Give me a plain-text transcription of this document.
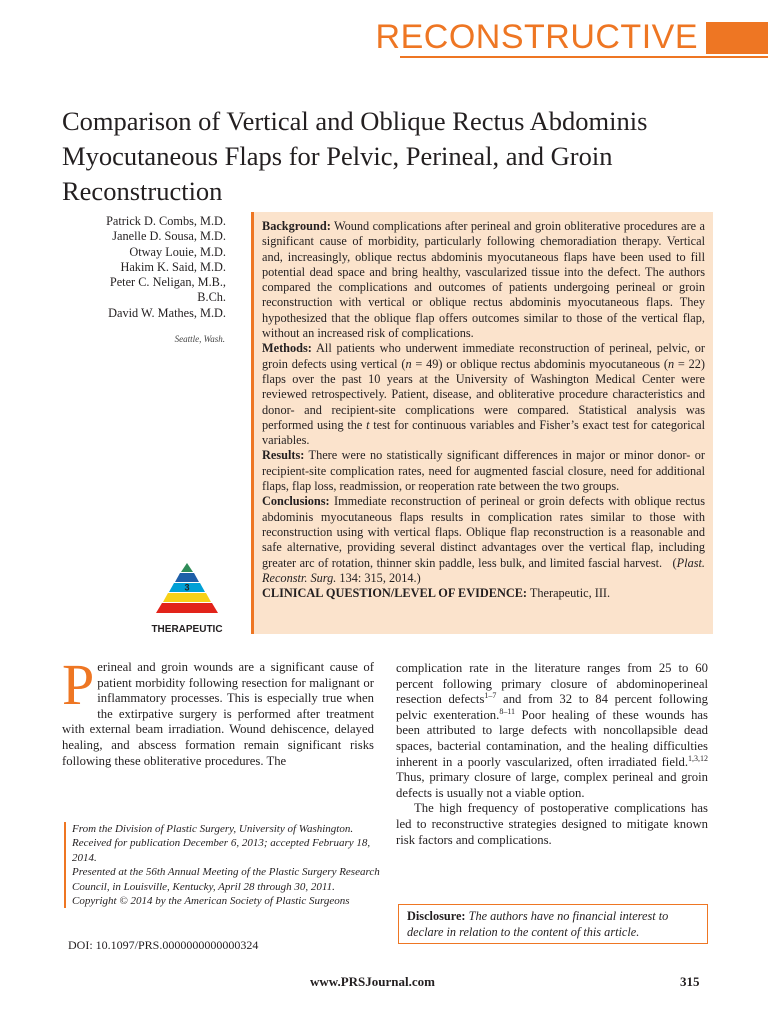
RECONSTRUCTIVE
Comparison of Vertical and Oblique Rectus Abdominis Myocutaneous Flaps for Pelvic, Perineal, and Groin Reconstruction
Patrick D. Combs, M.D.
Janelle D. Sousa, M.D.
Otway Louie, M.D.
Hakim K. Said, M.D.
Peter C. Neligan, M.B.,
B.Ch.
David W. Mathes, M.D.
Seattle, Wash.

Background: Wound complications after perineal and groin obliterative procedures are a significant cause of morbidity, particularly following chemoradiation therapy. Vertical and, increasingly, oblique rectus abdominis myocutaneous flaps have been used to fill potential dead space and bring healthy, vascularized tissue into the defect. The authors compared the complications and outcomes of patients undergoing perineal or groin reconstruction with vertical or oblique rectus abdominis myocutaneous flaps. They hypothesized that the oblique flap offers outcomes similar to those of the vertical flap, without an increased risk of complications.

Methods: All patients who underwent immediate reconstruction of perineal, pelvic, or groin defects using vertical (n = 49) or oblique rectus abdominis myocutaneous (n = 22) flaps over the past 10 years at the University of Washington Medical Center were reviewed retrospectively. Patient, disease, and obliterative procedure characteristics and donor- and recipient-site complications were compared. Statistical analysis was performed using the t test for continuous variables and Fisher’s exact test for categorical variables.

Results: There were no statistically significant differences in major or minor donor- or recipient-site complication rates, need for augmented fascial closure, need for additional flaps, flap loss, readmission, or reoperation rate between the two groups.

Conclusions: Immediate reconstruction of perineal or groin defects with oblique rectus abdominis myocutaneous flaps results in complication rates similar to those with reconstruction using with vertical flaps. Oblique flap reconstruction is a reasonable and safe alternative, providing several distinct advantages over the vertical flap, including greater arc of rotation, thinner skin paddle, less bulk, and limited fascial harvest.   (Plast. Reconstr. Surg. 134: 315, 2014.)

CLINICAL QUESTION/LEVEL OF EVIDENCE: Therapeutic, III.

3
THERAPEUTIC

Perineal and groin wounds are a significant cause of patient morbidity following resection for malignant or inflammatory processes. This is especially true when the extirpative surgery is performed after treatment with external beam irradiation. Wound dehiscence, delayed healing, and abscess formation remain significant risks following these obliterative procedures. The

From the Division of Plastic Surgery, University of Washington.

Received for publication December 6, 2013; accepted February 18, 2014.

Presented at the 56th Annual Meeting of the Plastic Surgery Research Council, in Louisville, Kentucky, April 28 through 30, 2011.

Copyright © 2014 by the American Society of Plastic Surgeons

DOI: 10.1097/PRS.0000000000000324

complication rate in the literature ranges from 25 to 60 percent following primary closure of abdominoperineal resection defects$^{1-7}$ and from 32 to 84 percent following pelvic exenteration.$^{8-11}$ Poor healing of these wounds has been attributed to large defects with noncollapsible dead spaces, bacterial contamination, and the healing difficulties inherent in a poorly vascularized, often irradiated field.$^{1,3,12}$ Thus, primary closure of large, complex perineal and groin defects is usually not a viable option.

The high frequency of postoperative complications has led to reconstructive strategies designed to mitigate known risk factors and complications.

Disclosure: The authors have no financial interest to declare in relation to the content of this article.
www.PRSJournal.com	315
